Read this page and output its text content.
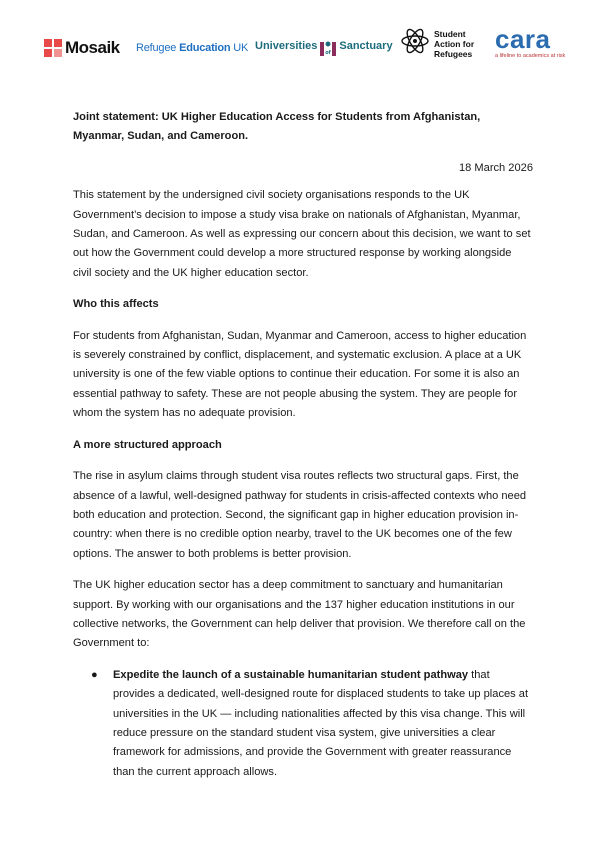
Mosaik Refugee
Education
UK Universities
of
Sanctuary
Student
Action for
Refugees cara
a lifeline to academics at risk
Joint statement: UK Higher Education Access for Students from Afghanistan, Myanmar, Sudan, and Cameroon.
18 March 2026
This statement by the undersigned civil society organisations responds to the UK Government’s decision to impose a study visa brake on nationals of Afghanistan, Myanmar, Sudan, and Cameroon. As well as expressing our concern about this decision, we want to set out how the Government could develop a more structured response by working alongside civil society and the UK higher education sector.
Who this affects
For students from Afghanistan, Sudan, Myanmar and Cameroon, access to higher education is severely constrained by conflict, displacement, and systematic exclusion. A place at a UK university is one of the few viable options to continue their education. For some it is also an essential pathway to safety. These are not people abusing the system. They are people for whom the system has no adequate provision.
A more structured approach
The rise in asylum claims through student visa routes reflects two structural gaps. First, the absence of a lawful, well-designed pathway for students in crisis-affected contexts who need both education and protection. Second, the significant gap in higher education provision in-country: when there is no credible option nearby, travel to the UK becomes one of the few options. The answer to both problems is better provision.
The UK higher education sector has a deep commitment to sanctuary and humanitarian support. By working with our organisations and the 137 higher education institutions in our collective networks, the Government can help deliver that provision. We therefore call on the Government to:
● Expedite the launch of a sustainable humanitarian student pathway that provides a dedicated, well-designed route for displaced students to take up places at universities in the UK — including nationalities affected by this visa change. This will reduce pressure on the standard student visa system, give universities a clear framework for admissions, and provide the Government with greater reassurance than the current approach allows.
